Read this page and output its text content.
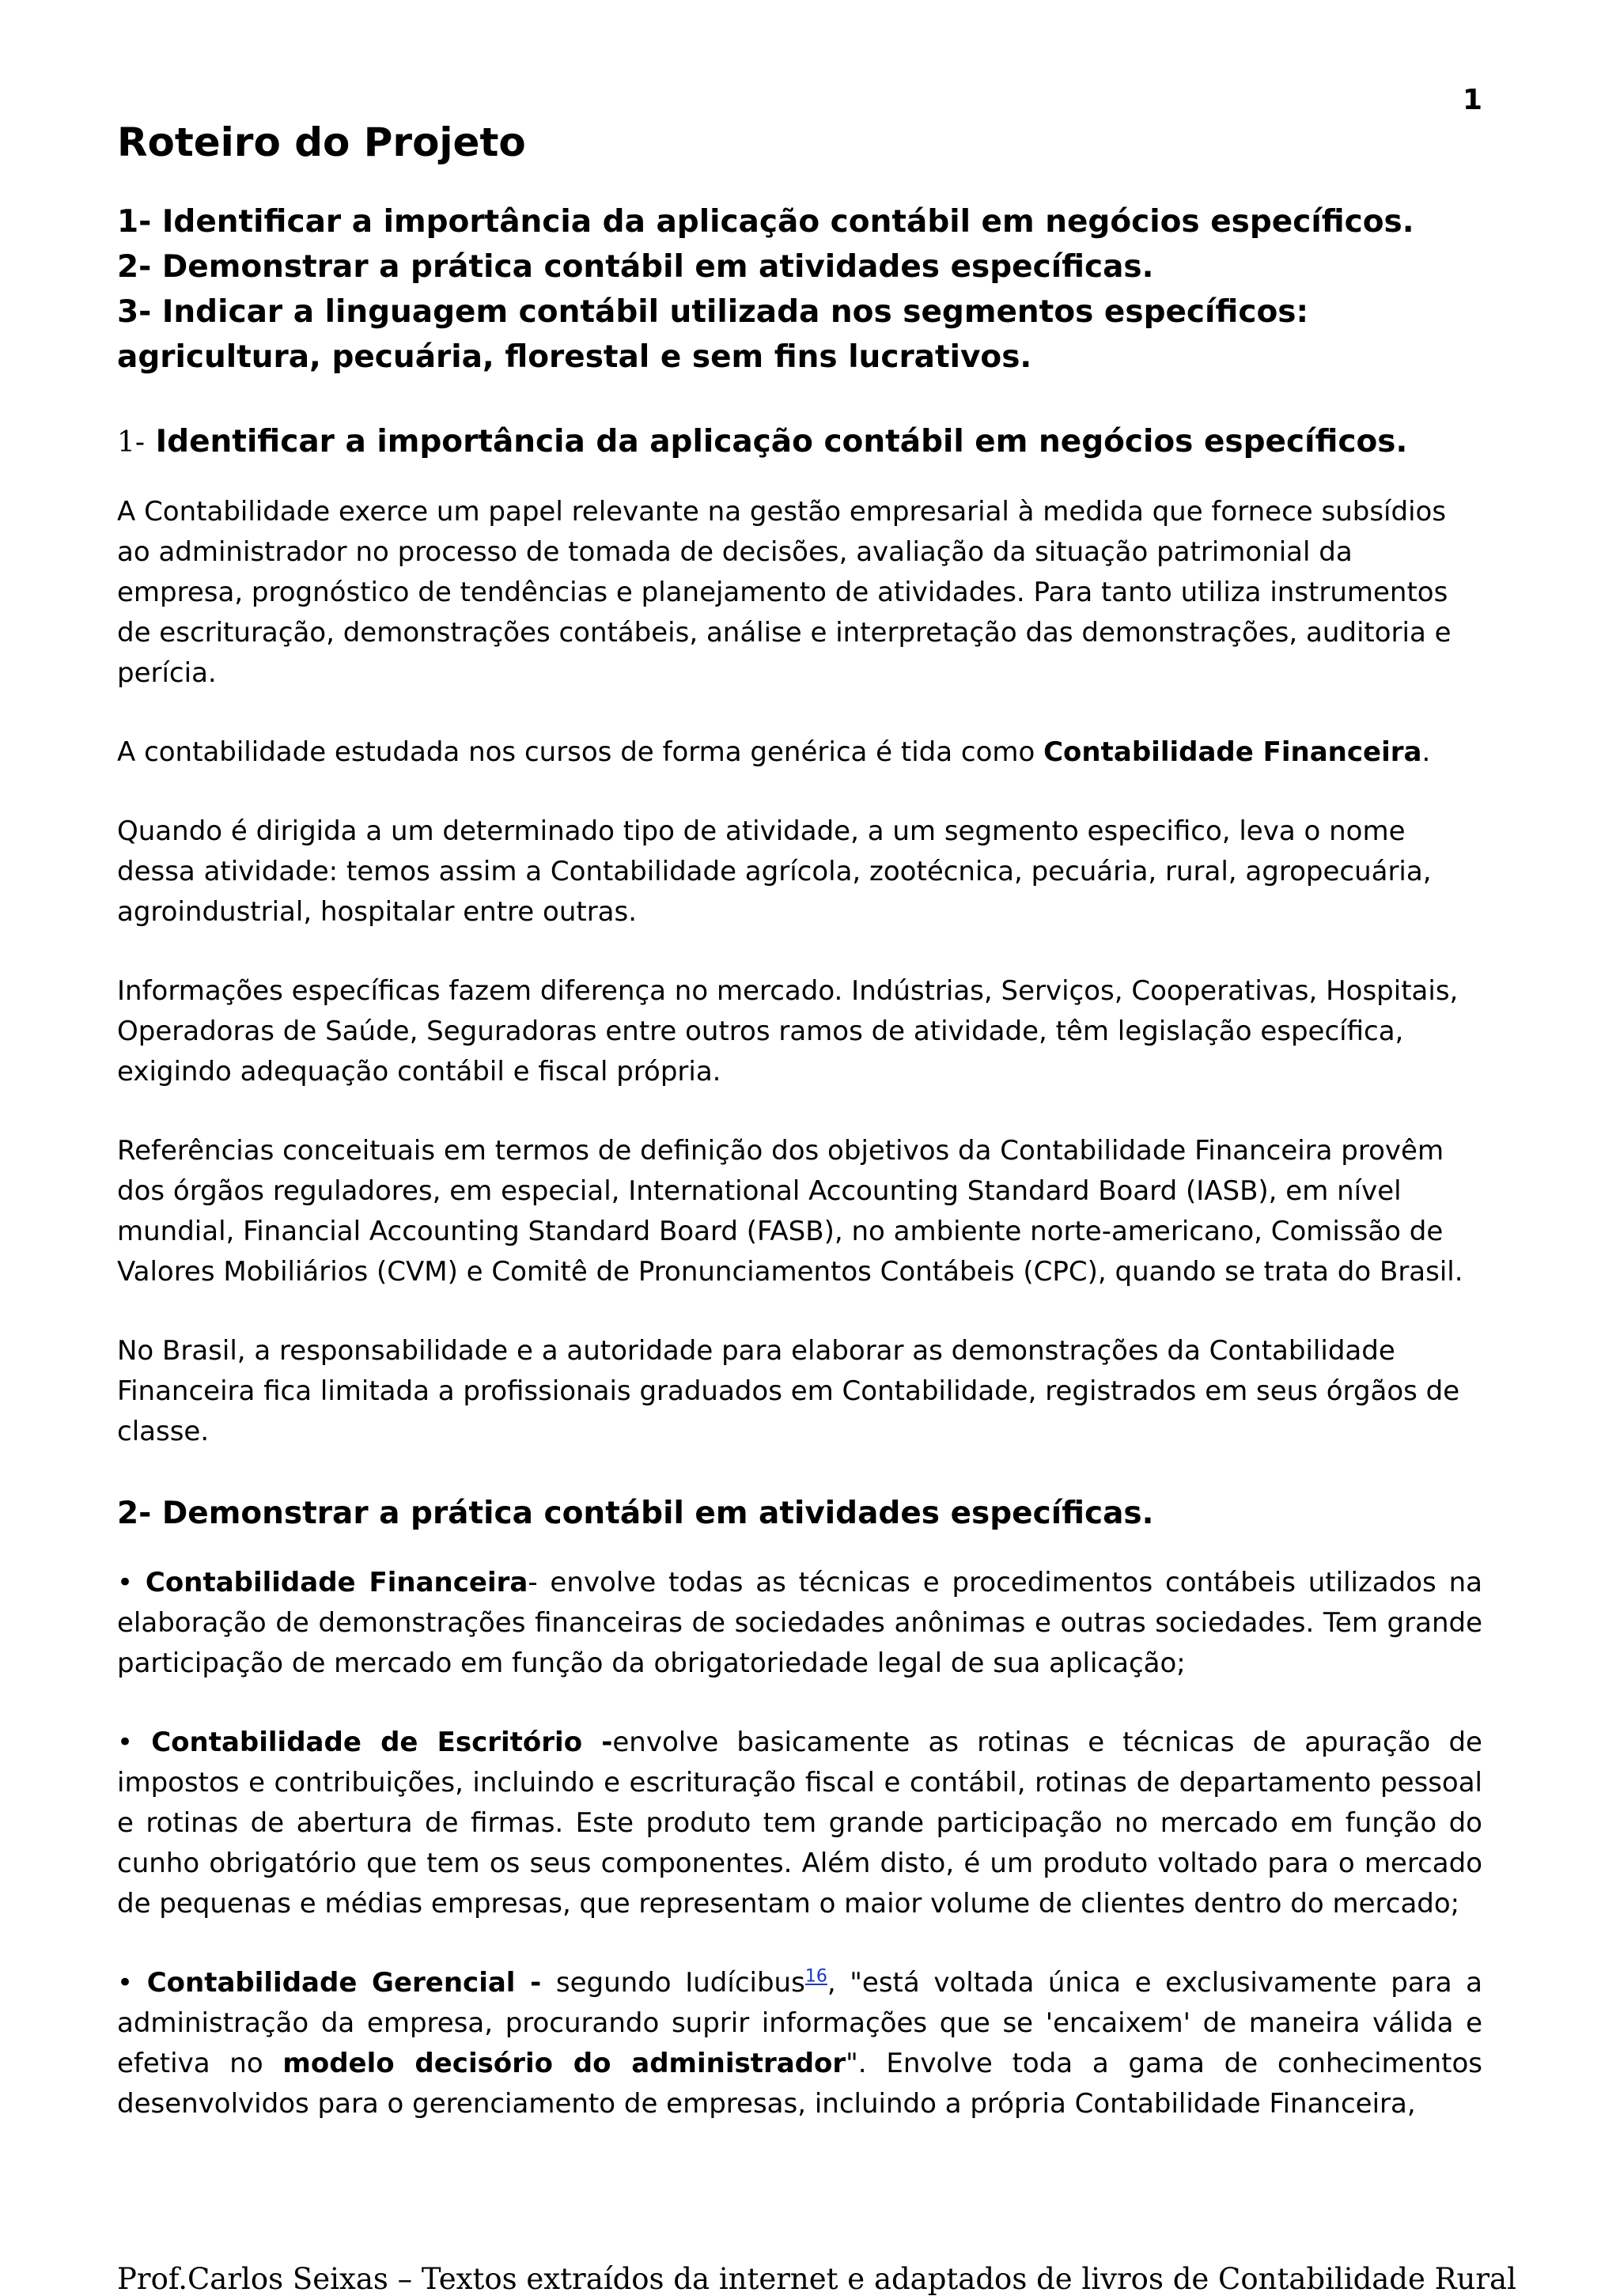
1
Roteiro do Projeto
1- Identificar a importância da aplicação contábil em negócios específicos.
2- Demonstrar a prática contábil em atividades específicas.
3- Indicar a linguagem contábil utilizada nos segmentos específicos: agricultura, pecuária, florestal e sem fins lucrativos.
1- Identificar a importância da aplicação contábil em negócios específicos.

A Contabilidade exerce um papel relevante na gestão empresarial à medida que fornece subsídios ao administrador no processo de tomada de decisões, avaliação da situação patrimonial da empresa, prognóstico de tendências e planejamento de atividades. Para tanto utiliza instrumentos de escrituração, demonstrações contábeis, análise e interpretação das demonstrações, auditoria e perícia.

A contabilidade estudada nos cursos de forma genérica é tida como Contabilidade Financeira.

Quando é dirigida a um determinado tipo de atividade, a um segmento especifico, leva o nome dessa atividade: temos assim a Contabilidade agrícola, zootécnica, pecuária, rural, agropecuária, agroindustrial, hospitalar entre outras.

Informações específicas fazem diferença no mercado. Indústrias, Serviços, Cooperativas, Hospitais, Operadoras de Saúde, Seguradoras entre outros ramos de atividade, têm legislação específica, exigindo adequação contábil e fiscal própria.

Referências conceituais em termos de definição dos objetivos da Contabilidade Financeira provêm dos órgãos reguladores, em especial, International Accounting Standard Board (IASB), em nível mundial, Financial Accounting Standard Board (FASB), no ambiente norte-americano, Comissão de Valores Mobiliários (CVM) e Comitê de Pronunciamentos Contábeis (CPC), quando se trata do Brasil.

No Brasil, a responsabilidade e a autoridade para elaborar as demonstrações da Contabilidade Financeira fica limitada a profissionais graduados em Contabilidade, registrados em seus órgãos de classe.

2- Demonstrar a prática contábil em atividades específicas.

• Contabilidade Financeira- envolve todas as técnicas e procedimentos contábeis utilizados na elaboração de demonstrações financeiras de sociedades anônimas e outras sociedades. Tem grande participação de mercado em função da obrigatoriedade legal de sua aplicação;

• Contabilidade de Escritório -envolve basicamente as rotinas e técnicas de apuração de impostos e contribuições, incluindo e escrituração fiscal e contábil, rotinas de departamento pessoal e rotinas de abertura de firmas. Este produto tem grande participação no mercado em função do cunho obrigatório que tem os seus componentes. Além disto, é um produto voltado para o mercado de pequenas e médias empresas, que representam o maior volume de clientes dentro do mercado;

• Contabilidade Gerencial - segundo Iudícibus$^{16}$, "está voltada única e exclusivamente para a administração da empresa, procurando suprir informações que se 'encaixem' de maneira válida e efetiva no modelo decisório do administrador". Envolve toda a gama de conhecimentos desenvolvidos para o gerenciamento de empresas, incluindo a própria Contabilidade Financeira,

Prof.Carlos Seixas – Textos extraídos da internet e adaptados de livros de Contabilidade Rural
